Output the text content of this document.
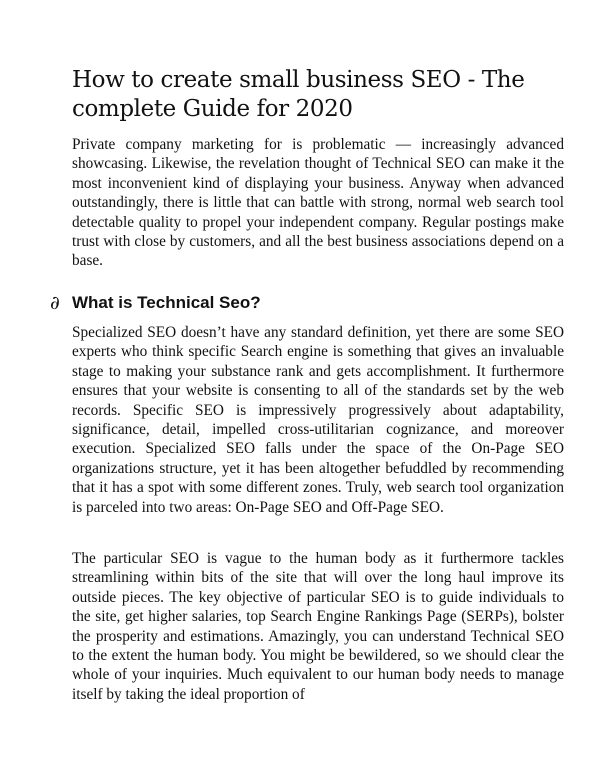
How to create small business SEO - The complete Guide for 2020

Private company marketing for is problematic — increasingly advanced showcasing. Likewise, the revelation thought of Technical SEO can make it the most inconvenient kind of displaying your business. Anyway when advanced outstandingly, there is little that can battle with strong, normal web search tool detectable quality to propel your independent company. Regular postings make trust with close by customers, and all the best business associations depend on a base.

∂ What is Technical Seo?

Specialized SEO doesn’t have any standard definition, yet there are some SEO experts who think specific Search engine is something that gives an invaluable stage to making your substance rank and gets accomplishment. It furthermore ensures that your website is consenting to all of the standards set by the web records. Specific SEO is impressively progressively about adaptability, significance, detail, impelled cross-utilitarian cognizance, and moreover execution. Specialized SEO falls under the space of the On-Page SEO organizations structure, yet it has been altogether befuddled by recommending that it has a spot with some different zones. Truly, web search tool organization is parceled into two areas: On-Page SEO and Off-Page SEO.

The particular SEO is vague to the human body as it furthermore tackles streamlining within bits of the site that will over the long haul improve its outside pieces. The key objective of particular SEO is to guide individuals to the site, get higher salaries, top Search Engine Rankings Page (SERPs), bolster the prosperity and estimations. Amazingly, you can understand Technical SEO to the extent the human body. You might be bewildered, so we should clear the whole of your inquiries. Much equivalent to our human body needs to manage itself by taking the ideal proportion of
